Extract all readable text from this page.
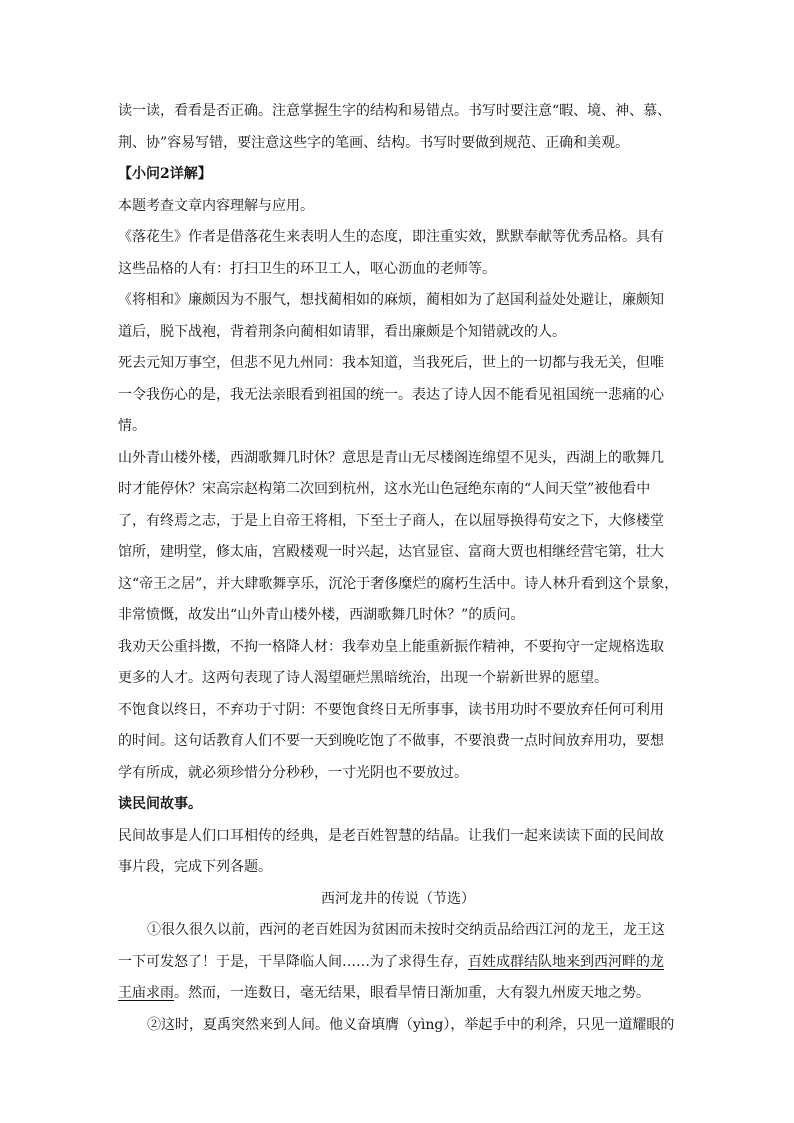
读一读，看看是否正确。注意掌握生字的结构和易错点。书写时要注意“暇、境、神、慕、
荆、协”容易写错，要注意这些字的笔画、结构。书写时要做到规范、正确和美观。
【小问2详解】
本题考查文章内容理解与应用。
《落花生》作者是借落花生来表明人生的态度，即注重实效，默默奉献等优秀品格。具有
这些品格的人有：打扫卫生的环卫工人，呕心沥血的老师等。
《将相和》廉颇因为不服气，想找蔺相如的麻烦，蔺相如为了赵国利益处处避让，廉颇知
道后，脱下战袍，背着荆条向蔺相如请罪，看出廉颇是个知错就改的人。
死去元知万事空，但悲不见九州同：我本知道，当我死后，世上的一切都与我无关，但唯
一令我伤心的是，我无法亲眼看到祖国的统一。表达了诗人因不能看见祖国统一悲痛的心
情。
山外青山楼外楼，西湖歌舞几时休？意思是青山无尽楼阁连绵望不见头，西湖上的歌舞几
时才能停休？宋高宗赵构第二次回到杭州，这水光山色冠绝东南的“人间天堂”被他看中
了，有终焉之志，于是上自帝王将相，下至士子商人，在以屈辱换得苟安之下，大修楼堂
馆所，建明堂，修太庙，宫殿楼观一时兴起，达官显宦、富商大贾也相继经营宅第，壮大
这“帝王之居”，并大肆歌舞享乐，沉沦于奢侈糜烂的腐朽生活中。诗人林升看到这个景象，
非常愤慨，故发出“山外青山楼外楼，西湖歌舞几时休？”的质问。
我劝天公重抖擞，不拘一格降人材：我奉劝皇上能重新振作精神，不要拘守一定规格选取
更多的人才。这两句表现了诗人渴望砸烂黑暗统治，出现一个崭新世界的愿望。
不饱食以终日，不弃功于寸阴：不要饱食终日无所事事，读书用功时不要放弃任何可利用
的时间。这句话教育人们不要一天到晚吃饱了不做事，不要浪费一点时间放弃用功，要想
学有所成，就必须珍惜分分秒秒，一寸光阴也不要放过。
读民间故事。
民间故事是人们口耳相传的经典，是老百姓智慧的结晶。让我们一起来读读下面的民间故
事片段，完成下列各题。
西河龙井的传说（节选）
①很久很久以前，西河的老百姓因为贫困而未按时交纳贡品给西江河的龙王，龙王这
一下可发怒了！于是，干旱降临人间……为了求得生存，百姓成群结队地来到西河畔的龙
王庙求雨。然而，一连数日，毫无结果，眼看旱情日渐加重，大有裂九州废天地之势。
②这时，夏禹突然来到人间。他义奋填膺（yìng），举起手中的利斧，只见一道耀眼的
